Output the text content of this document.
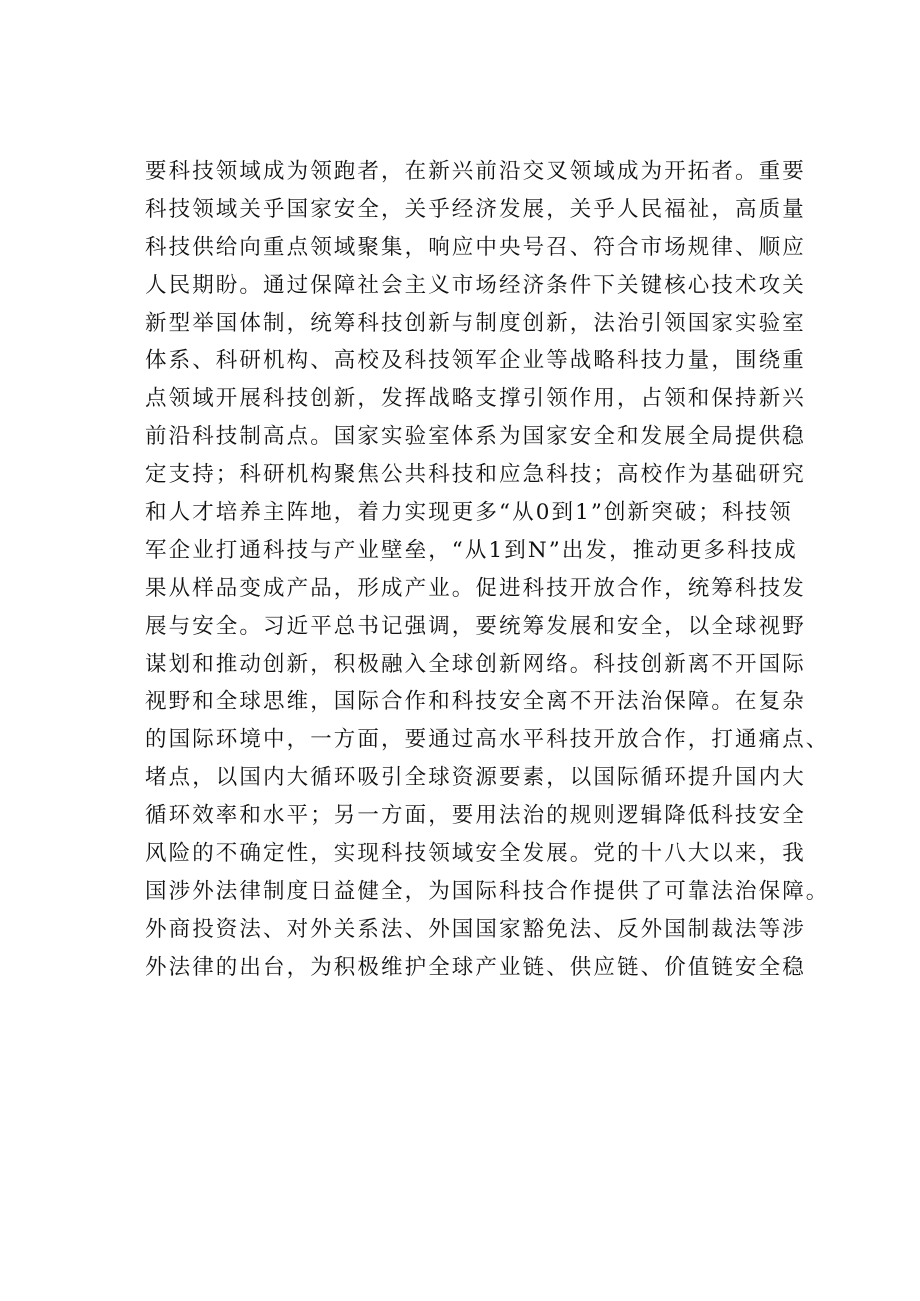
要科技领域成为领跑者，在新兴前沿交叉领域成为开拓者。重要
科技领域关乎国家安全，关乎经济发展，关乎人民福祉，高质量
科技供给向重点领域聚集，响应中央号召、符合市场规律、顺应
人民期盼。通过保障社会主义市场经济条件下关键核心技术攻关
新型举国体制，统筹科技创新与制度创新，法治引领国家实验室
体系、科研机构、高校及科技领军企业等战略科技力量，围绕重
点领域开展科技创新，发挥战略支撑引领作用，占领和保持新兴
前沿科技制高点。国家实验室体系为国家安全和发展全局提供稳
定支持；科研机构聚焦公共科技和应急科技；高校作为基础研究
和人才培养主阵地，着力实现更多“从0到1”创新突破；科技领
军企业打通科技与产业壁垒，“从1到N”出发，推动更多科技成
果从样品变成产品，形成产业。促进科技开放合作，统筹科技发
展与安全。习近平总书记强调，要统筹发展和安全，以全球视野
谋划和推动创新，积极融入全球创新网络。科技创新离不开国际
视野和全球思维，国际合作和科技安全离不开法治保障。在复杂
的国际环境中，一方面，要通过高水平科技开放合作，打通痛点、
堵点，以国内大循环吸引全球资源要素，以国际循环提升国内大
循环效率和水平；另一方面，要用法治的规则逻辑降低科技安全
风险的不确定性，实现科技领域安全发展。党的十八大以来，我
国涉外法律制度日益健全，为国际科技合作提供了可靠法治保障。
外商投资法、对外关系法、外国国家豁免法、反外国制裁法等涉
外法律的出台，为积极维护全球产业链、供应链、价值链安全稳
